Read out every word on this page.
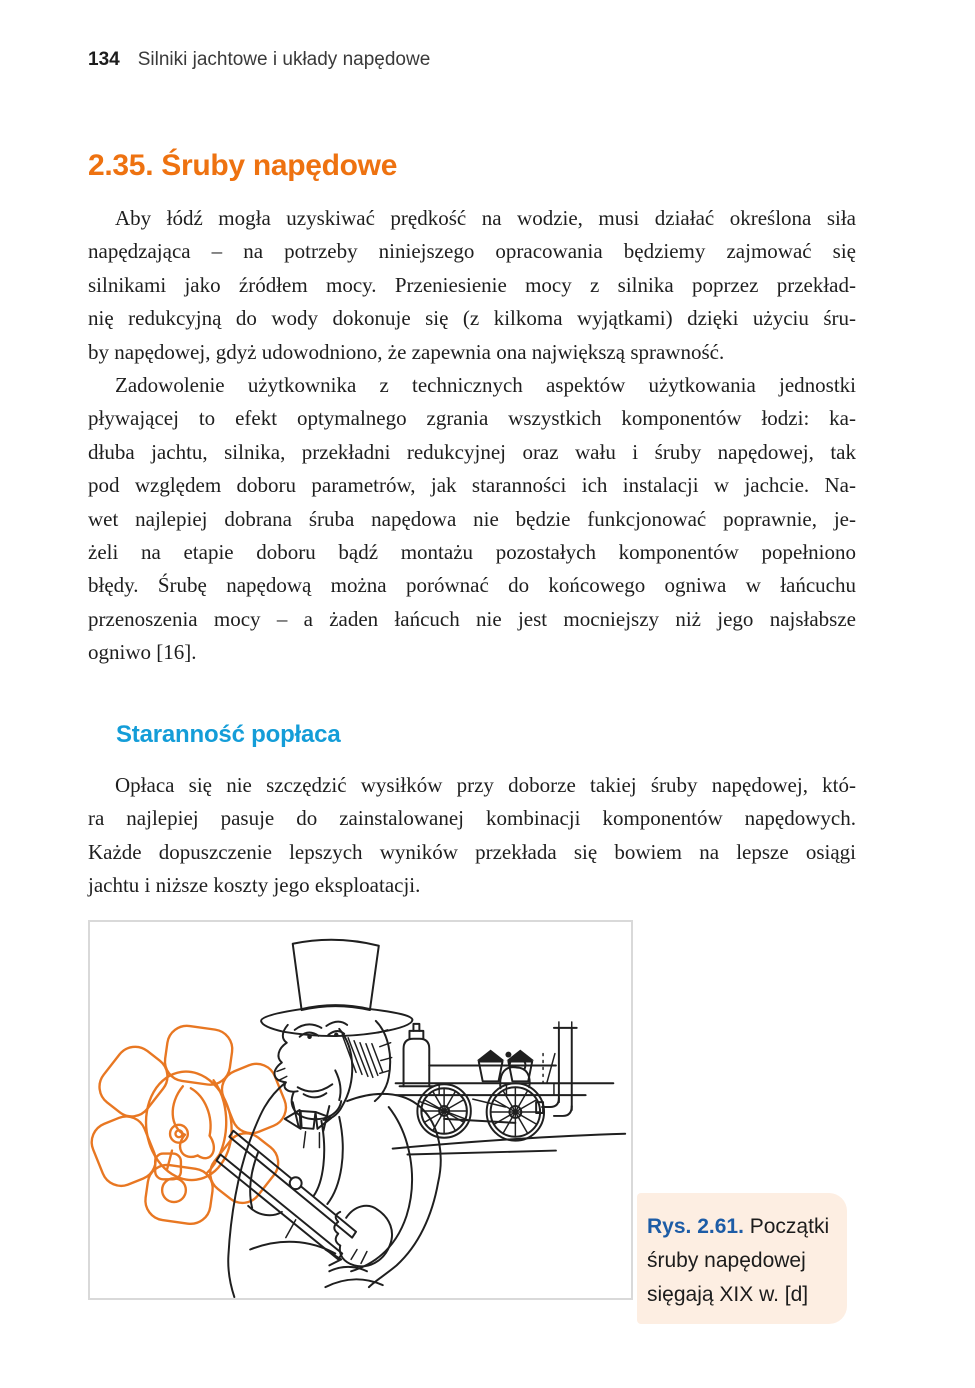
134 Silniki jachtowe i układy napędowe
2.35. Śruby napędowe
Aby łódź mogła uzyskiwać prędkość na wodzie, musi działać określona siła
napędzająca – na potrzeby niniejszego opracowania będziemy zajmować się
silnikami jako źródłem mocy. Przeniesienie mocy z silnika poprzez przekład-
nię redukcyjną do wody dokonuje się (z kilkoma wyjątkami) dzięki użyciu śru-
by napędowej, gdyż udowodniono, że zapewnia ona największą sprawność.
Zadowolenie użytkownika z technicznych aspektów użytkowania jednostki
pływającej to efekt optymalnego zgrania wszystkich komponentów łodzi: ka-
dłuba jachtu, silnika, przekładni redukcyjnej oraz wału i śruby napędowej, tak
pod względem doboru parametrów, jak staranności ich instalacji w jachcie. Na-
wet najlepiej dobrana śruba napędowa nie będzie funkcjonować poprawnie, je-
żeli na etapie doboru bądź montażu pozostałych komponentów popełniono
błędy. Śrubę napędową można porównać do końcowego ogniwa w łańcuchu
przenoszenia mocy – a żaden łańcuch nie jest mocniejszy niż jego najsłabsze
ogniwo [16].
Staranność popłaca
Opłaca się nie szczędzić wysiłków przy doborze takiej śruby napędowej, któ-
ra najlepiej pasuje do zainstalowanej kombinacji komponentów napędowych.
Każde dopuszczenie lepszych wyników przekłada się bowiem na lepsze osiągi
jachtu i niższe koszty jego eksploatacji.
Rys. 2.61. Początki śruby napędowej sięgają XIX w. [d]
